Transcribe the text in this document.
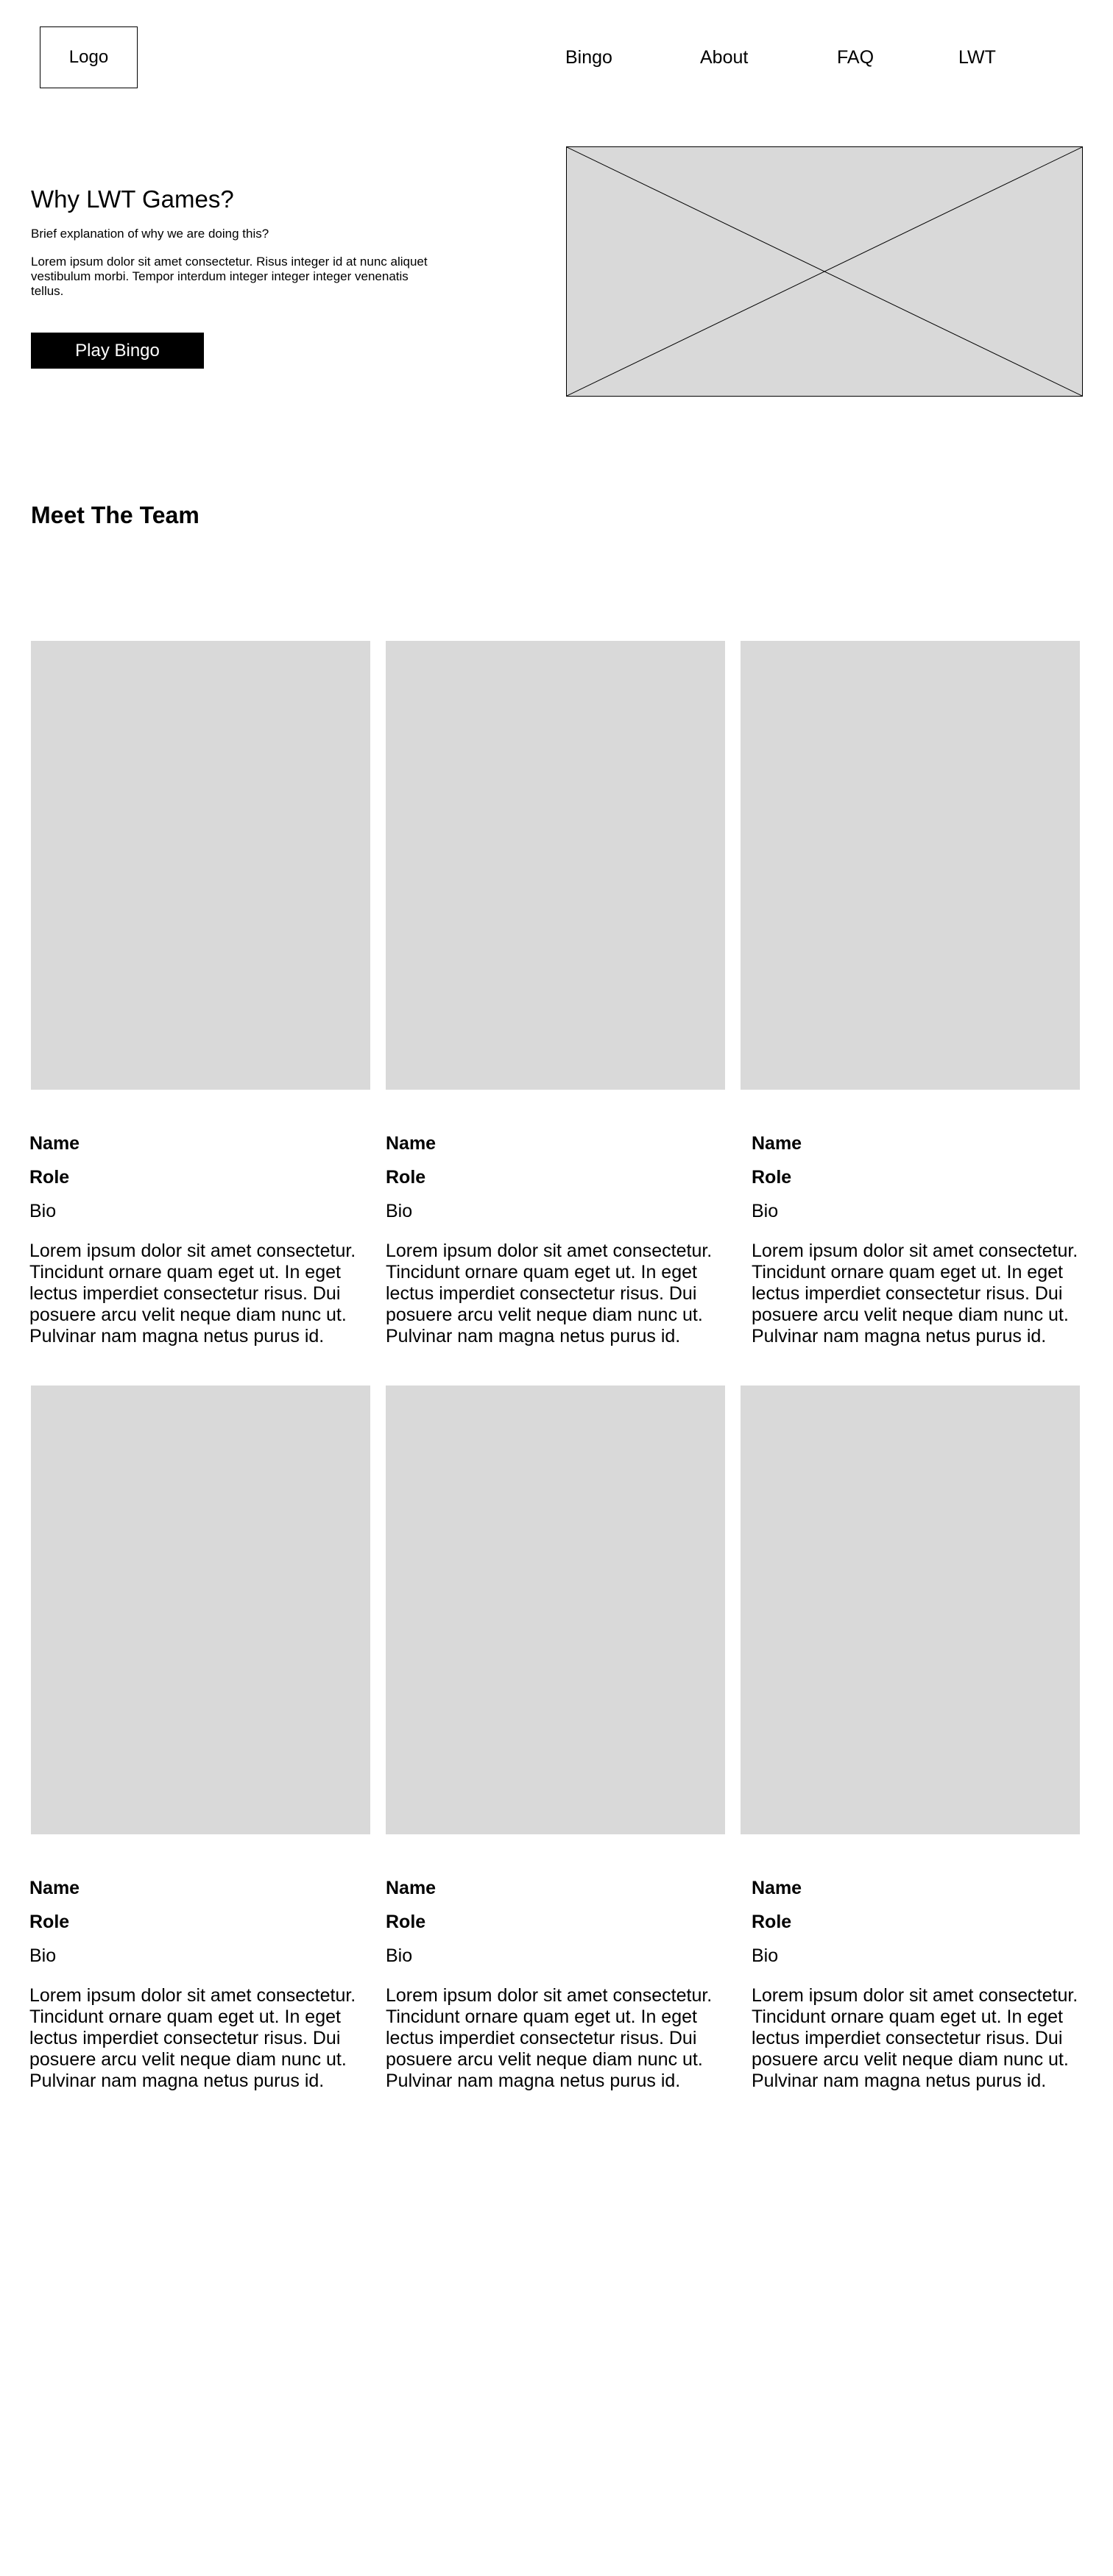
Logo	Bingo	About	FAQ	LWT
Why LWT Games?

Brief explanation of why we are doing this?

Lorem ipsum dolor sit amet consectetur. Risus integer id at nunc aliquet vestibulum morbi. Tempor interdum integer integer integer venenatis tellus.

Play Bingo
Meet The Team

Name

Role

Bio

Lorem ipsum dolor sit amet consectetur. Tincidunt ornare quam eget ut. In eget lectus imperdiet consectetur risus. Dui posuere arcu velit neque diam nunc ut. Pulvinar nam magna netus purus id.

Name

Role

Bio

Lorem ipsum dolor sit amet consectetur. Tincidunt ornare quam eget ut. In eget lectus imperdiet consectetur risus. Dui posuere arcu velit neque diam nunc ut. Pulvinar nam magna netus purus id.

Name

Role

Bio

Lorem ipsum dolor sit amet consectetur. Tincidunt ornare quam eget ut. In eget lectus imperdiet consectetur risus. Dui posuere arcu velit neque diam nunc ut. Pulvinar nam magna netus purus id.

Name

Role

Bio

Lorem ipsum dolor sit amet consectetur. Tincidunt ornare quam eget ut. In eget lectus imperdiet consectetur risus. Dui posuere arcu velit neque diam nunc ut. Pulvinar nam magna netus purus id.

Name

Role

Bio

Lorem ipsum dolor sit amet consectetur. Tincidunt ornare quam eget ut. In eget lectus imperdiet consectetur risus. Dui posuere arcu velit neque diam nunc ut. Pulvinar nam magna netus purus id.

Name

Role

Bio

Lorem ipsum dolor sit amet consectetur. Tincidunt ornare quam eget ut. In eget lectus imperdiet consectetur risus. Dui posuere arcu velit neque diam nunc ut. Pulvinar nam magna netus purus id.
